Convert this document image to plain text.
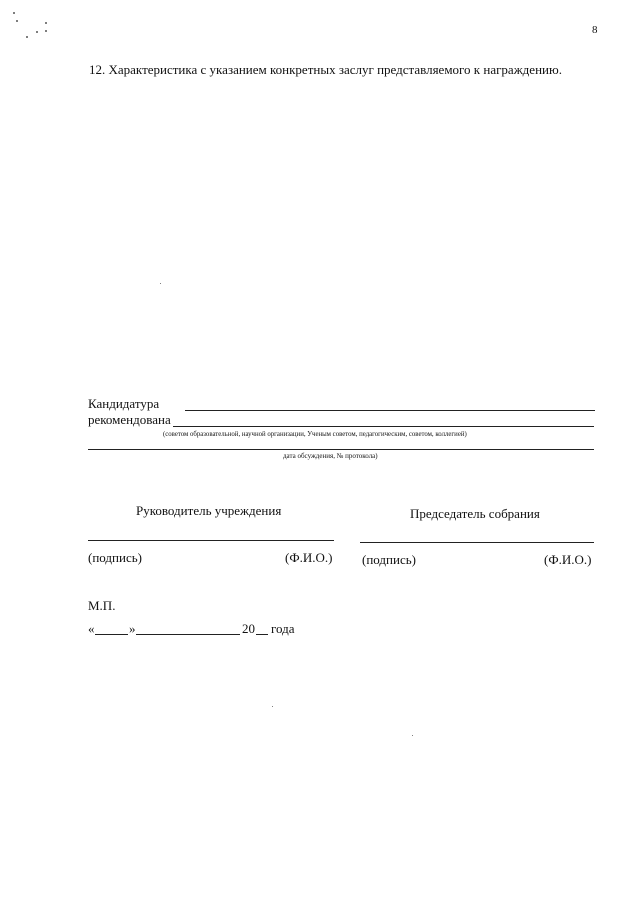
8
12. Характеристика с указанием конкретных заслуг представляемого к награждению.
Кандидатура
рекомендована
(советом образовательной, научной организации, Ученым советом, педагогическим, советом, коллегией)
дата обсуждения, № протокола)
Руководитель учреждения	Председатель собрания
(подпись)	(Ф.И.О.) (подпись)	(Ф.И.О.)
М.П.
«	»	20 года
